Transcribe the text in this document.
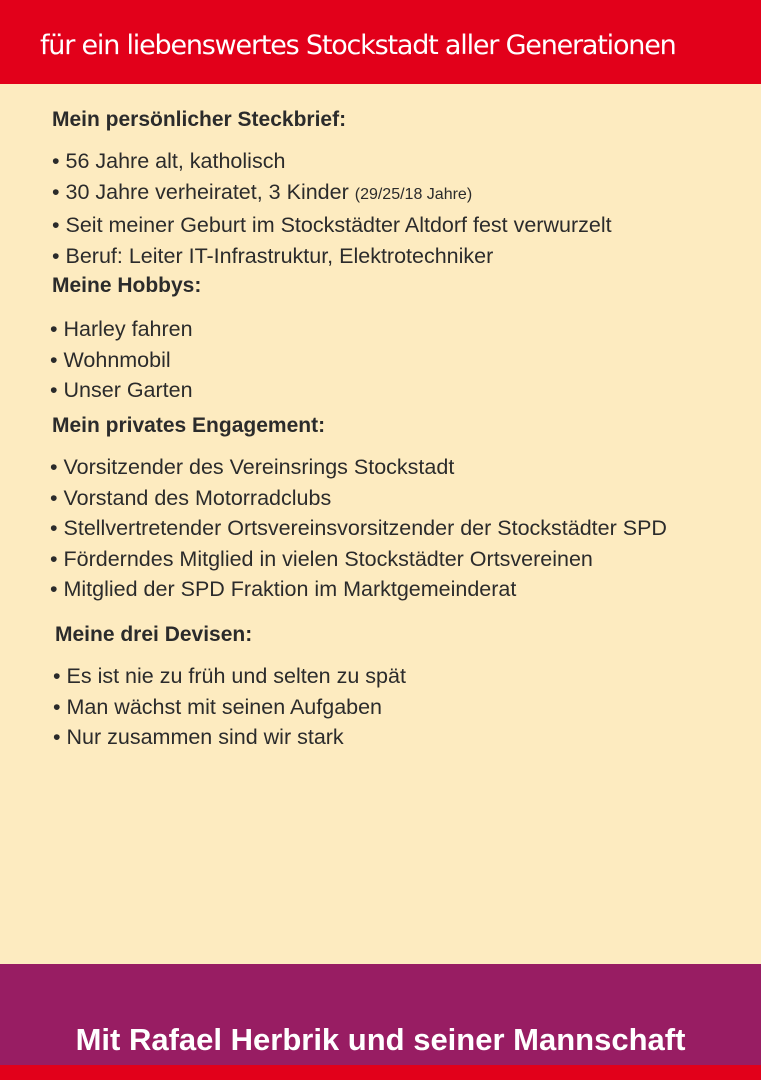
für ein liebenswertes Stockstadt aller Generationen
Mein persönlicher Steckbrief:
• 56 Jahre alt, katholisch
• 30 Jahre verheiratet, 3 Kinder (29/25/18 Jahre)
• Seit meiner Geburt im Stockstädter Altdorf fest verwurzelt
• Beruf: Leiter IT-Infrastruktur, Elektrotechniker
Meine Hobbys:
• Harley fahren
• Wohnmobil
• Unser Garten
Mein privates Engagement:
• Vorsitzender des Vereinsrings Stockstadt
• Vorstand des Motorradclubs
• Stellvertretender Ortsvereinsvorsitzender der Stockstädter SPD
• Förderndes Mitglied in vielen Stockstädter Ortsvereinen
• Mitglied der SPD Fraktion im Marktgemeinderat
Meine drei Devisen:
• Es ist nie zu früh und selten zu spät
• Man wächst mit seinen Aufgaben
• Nur zusammen sind wir stark
Mit Rafael Herbrik und seiner Mannschaft
